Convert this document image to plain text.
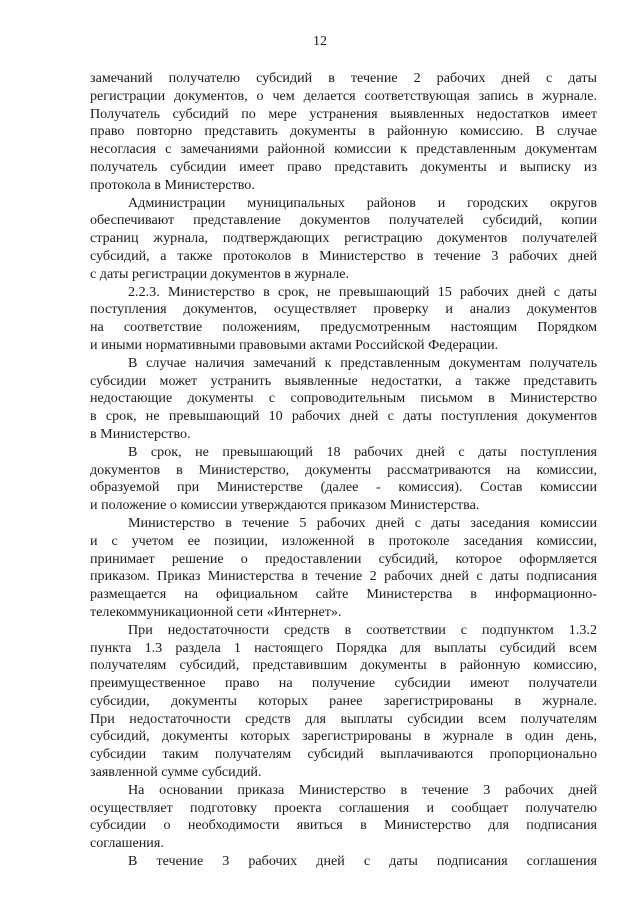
12
замечаний получателю субсидий в течение 2 рабочих дней с даты
регистрации документов, о чем делается соответствующая запись в журнале.
Получатель субсидий по мере устранения выявленных недостатков имеет
право повторно представить документы в районную комиссию. В случае
несогласия с замечаниями районной комиссии к представленным документам
получатель субсидии имеет право представить документы и выписку из
протокола в Министерство.
Администрации муниципальных районов и городских округов
обеспечивают представление документов получателей субсидий, копии
страниц журнала, подтверждающих регистрацию документов получателей
субсидий, а также протоколов в Министерство в течение 3 рабочих дней
с даты регистрации документов в журнале.
2.2.3. Министерство в срок, не превышающий 15 рабочих дней с даты
поступления документов, осуществляет проверку и анализ документов
на соответствие положениям, предусмотренным настоящим Порядком
и иными нормативными правовыми актами Российской Федерации.
В случае наличия замечаний к представленным документам получатель
субсидии может устранить выявленные недостатки, а также представить
недостающие документы с сопроводительным письмом в Министерство
в срок, не превышающий 10 рабочих дней с даты поступления документов
в Министерство.
В срок, не превышающий 18 рабочих дней с даты поступления
документов в Министерство, документы рассматриваются на комиссии,
образуемой при Министерстве (далее - комиссия). Состав комиссии
и положение о комиссии утверждаются приказом Министерства.
Министерство в течение 5 рабочих дней с даты заседания комиссии
и с учетом ее позиции, изложенной в протоколе заседания комиссии,
принимает решение о предоставлении субсидий, которое оформляется
приказом. Приказ Министерства в течение 2 рабочих дней с даты подписания
размещается на официальном сайте Министерства в информационно-
телекоммуникационной сети «Интернет».
При недостаточности средств в соответствии с подпунктом 1.3.2
пункта 1.3 раздела 1 настоящего Порядка для выплаты субсидий всем
получателям субсидий, представившим документы в районную комиссию,
преимущественное право на получение субсидии имеют получатели
субсидии, документы которых ранее зарегистрированы в журнале.
При недостаточности средств для выплаты субсидии всем получателям
субсидий, документы которых зарегистрированы в журнале в один день,
субсидии таким получателям субсидий выплачиваются пропорционально
заявленной сумме субсидий.
На основании приказа Министерство в течение 3 рабочих дней
осуществляет подготовку проекта соглашения и сообщает получателю
субсидии о необходимости явиться в Министерство для подписания
соглашения.
В течение 3 рабочих дней с даты подписания соглашения
